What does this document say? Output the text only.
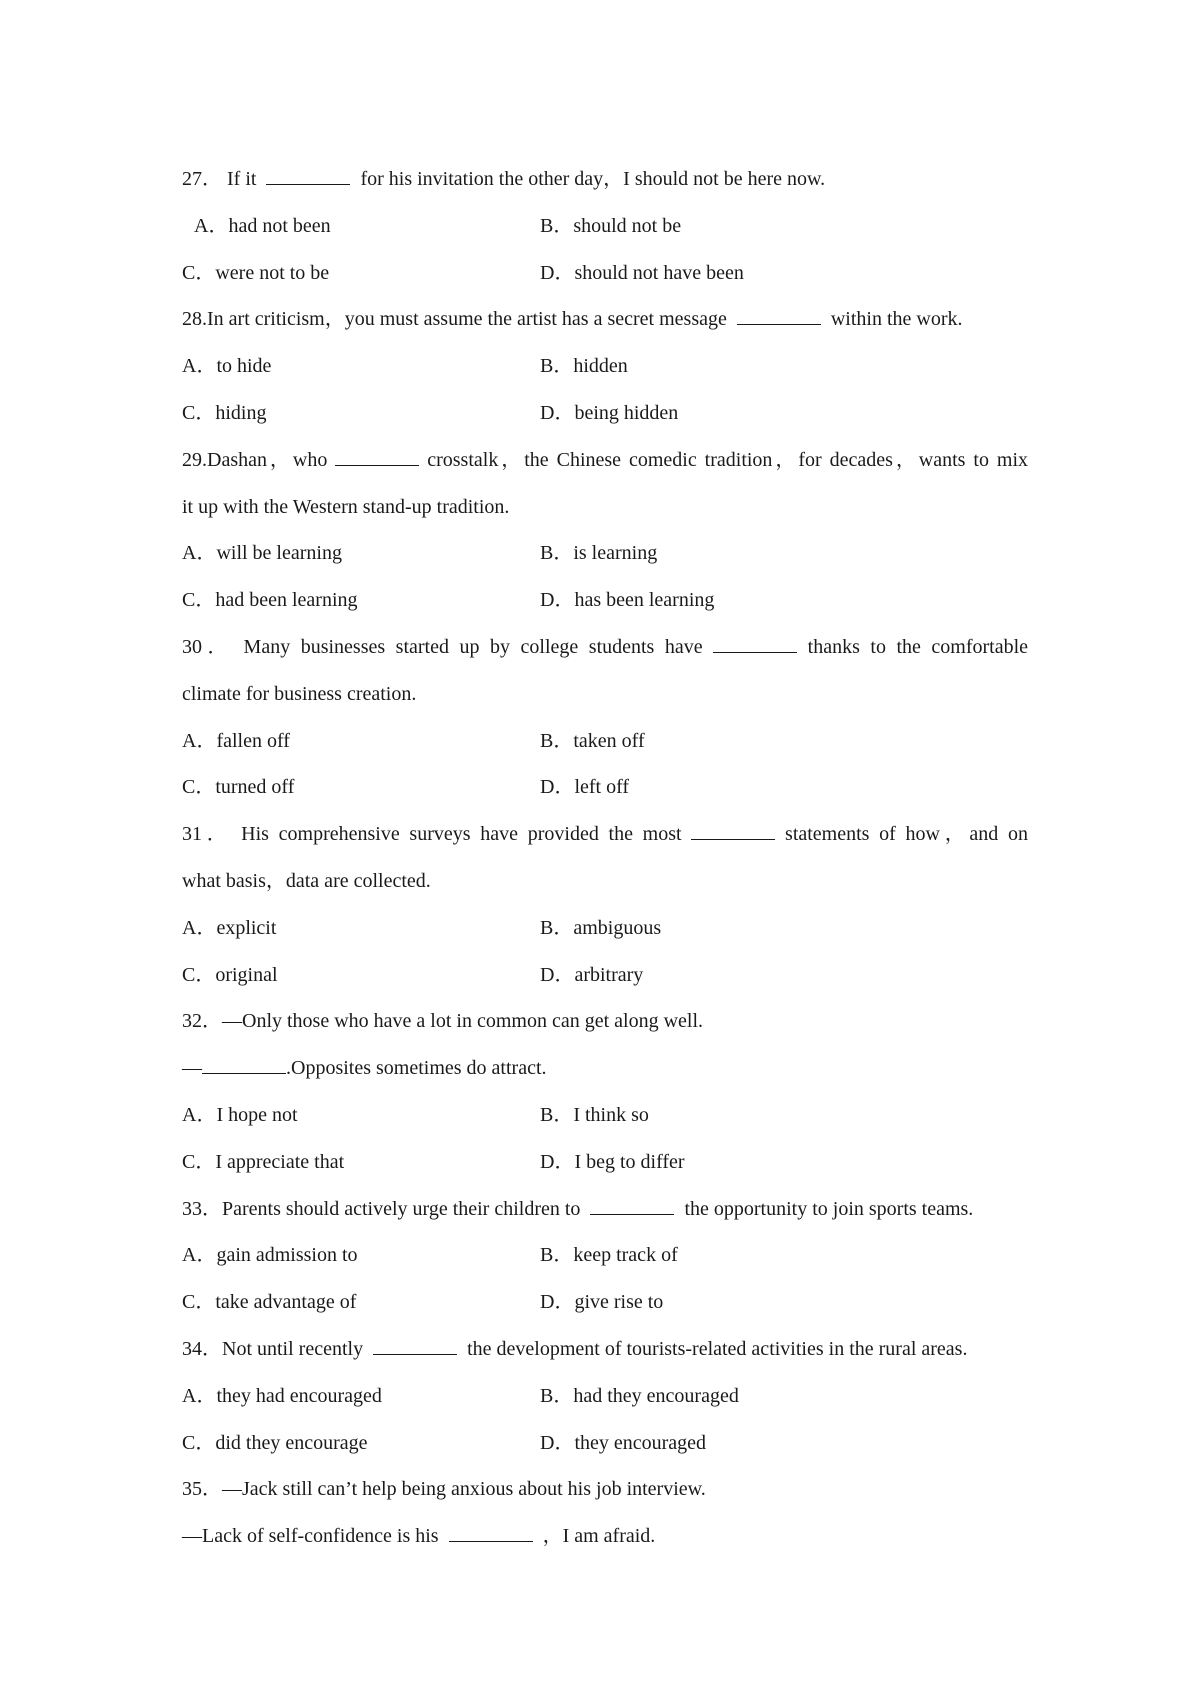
27． If it	for his invitation the other day，I should not be here now.
A．had not been	B．should not be
C．were not to be	D．should not have been
28.In art criticism，you must assume the artist has a secret message	within the work.
A．to hide	B．hidden
C．hiding	D．being hidden
29.Dashan，who	crosstalk，the Chinese comedic tradition，for decades，wants to mix
it up with the Western stand-up tradition.
A．will be learning	B．is learning
C．had been learning	D．has been learning
30． Many businesses started up by college students have	thanks to the comfortable
climate for business creation.
A．fallen off	B．taken off
C．turned off	D．left off
31． His comprehensive surveys have provided the most	statements of how，and on
what basis，data are collected.
A．explicit	B．ambiguous
C．original	D．arbitrary
32．—Only those who have a lot in common can get along well.
—	.Opposites sometimes do attract.
A．I hope not	B．I think so
C．I appreciate that	D．I beg to differ
33．Parents should actively urge their children to	the opportunity to join sports teams.
A．gain admission to	B．keep track of
C．take advantage of	D．give rise to
34．Not until recently	the development of tourists-related activities in the rural areas.
A．they had encouraged	B．had they encouraged
C．did they encourage	D．they encouraged
35．—Jack still can’t help being anxious about his job interview.
—Lack of self-confidence is his	，I am afraid.
